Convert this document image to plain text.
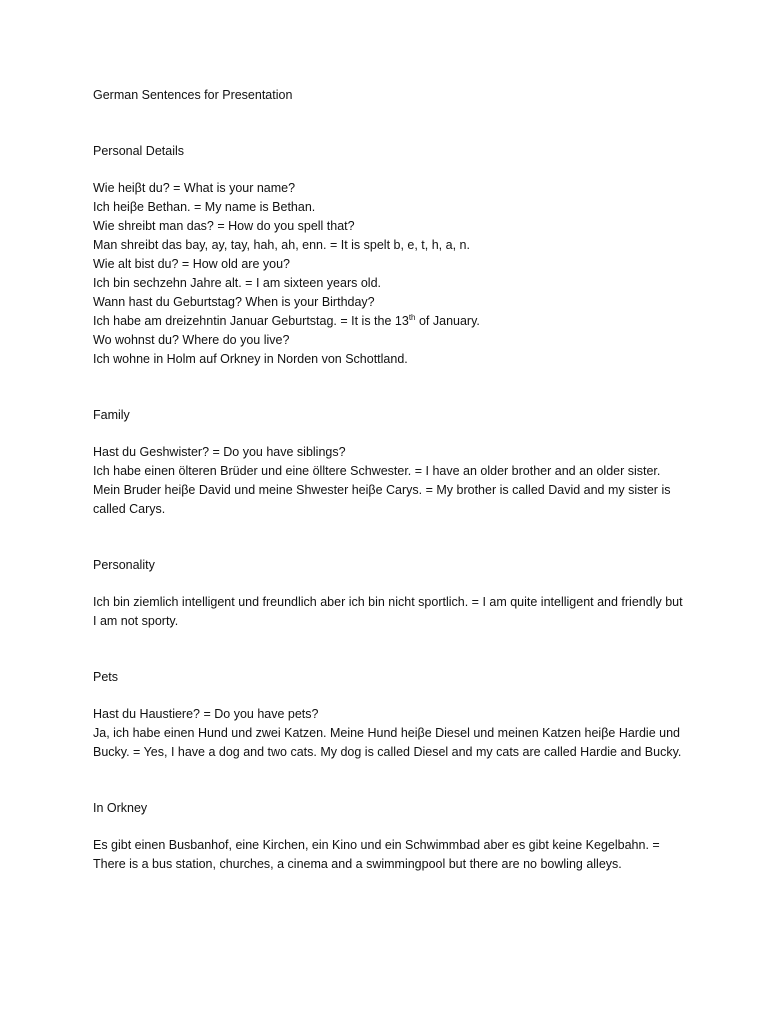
German Sentences for Presentation
Personal Details
Wie heiβt du? = What is your name?
Ich heiβe Bethan. = My name is Bethan.
Wie shreibt man das? = How do you spell that?
Man shreibt das bay, ay, tay, hah, ah, enn. = It is spelt b, e, t, h, a, n.
Wie alt bist du? = How old are you?
Ich bin sechzehn Jahre alt. = I am sixteen years old.
Wann hast du Geburtstag? When is your Birthday?
Ich habe am dreizehntin Januar Geburtstag. = It is the 13th of January.
Wo wohnst du? Where do you live?
Ich wohne in Holm auf Orkney in Norden von Schottland.
Family
Hast du Geshwister? = Do you have siblings?
Ich habe einen ӧlteren Brüder und eine ӧlltere Schwester. = I have an older brother and an older sister.
Mein Bruder heiβe David und meine Shwester heiβe Carys. = My brother is called David and my sister is called Carys.
Personality
Ich bin ziemlich intelligent und freundlich aber ich bin nicht sportlich. = I am quite intelligent and friendly but I am not sporty.
Pets
Hast du Haustiere? = Do you have pets?
Ja, ich habe einen Hund und zwei Katzen. Meine Hund heiβe Diesel und meinen Katzen heiβe Hardie und Bucky. = Yes, I have a dog and two cats. My dog is called Diesel and my cats are called Hardie and Bucky.
In Orkney
Es gibt einen Busbanhof, eine Kirchen, ein Kino und ein Schwimmbad aber es gibt keine Kegelbahn. = There is a bus station, churches, a cinema and a swimmingpool but there are no bowling alleys.
